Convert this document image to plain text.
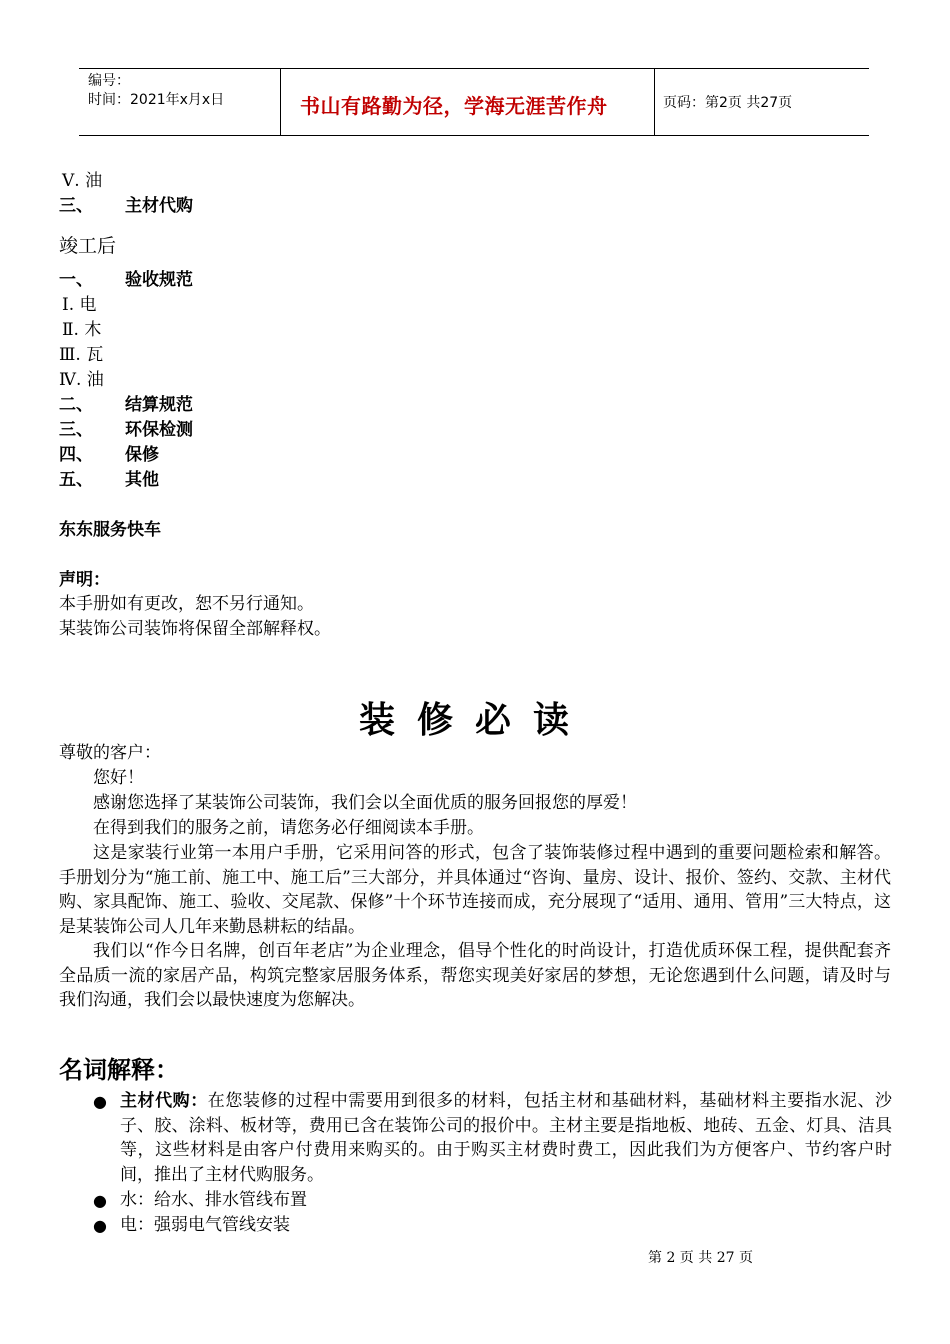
编号：
时间：2021年x月x日	书山有路勤为径，学海无涯苦作舟	页码：第2页 共27页
Ⅴ. 油
三、 主材代购
竣工后
一、 验收规范
Ⅰ. 电
Ⅱ. 木
Ⅲ. 瓦
Ⅳ. 油
二、 结算规范
三、 环保检测
四、 保修
五、 其他
东东服务快车
声明：
本手册如有更改，恕不另行通知。
某装饰公司装饰将保留全部解释权。
装修必读
尊敬的客户：
您好！
感谢您选择了某装饰公司装饰，我们会以全面优质的服务回报您的厚爱！
在得到我们的服务之前，请您务必仔细阅读本手册。
这是家装行业第一本用户手册，它采用问答的形式，包含了装饰装修过程中遇到的重要问题检索和解答。手册划分为“施工前、施工中、施工后”三大部分，并具体通过“咨询、量房、设计、报价、签约、交款、主材代购、家具配饰、施工、验收、交尾款、保修”十个环节连接而成，充分展现了“适用、通用、管用”三大特点，这是某装饰公司人几年来勤恳耕耘的结晶。
我们以“作今日名牌，创百年老店”为企业理念，倡导个性化的时尚设计，打造优质环保工程，提供配套齐全品质一流的家居产品，构筑完整家居服务体系，帮您实现美好家居的梦想，无论您遇到什么问题，请及时与我们沟通，我们会以最快速度为您解决。
名词解释：
● 主材代购：在您装修的过程中需要用到很多的材料，包括主材和基础材料，基础材料主要指水泥、沙子、胶、涂料、板材等，费用已含在装饰公司的报价中。主材主要是指地板、地砖、五金、灯具、洁具等，这些材料是由客户付费用来购买的。由于购买主材费时费工，因此我们为方便客户、节约客户时间，推出了主材代购服务。
● 水：给水、排水管线布置
● 电：强弱电气管线安装
第 2 页 共 27 页
